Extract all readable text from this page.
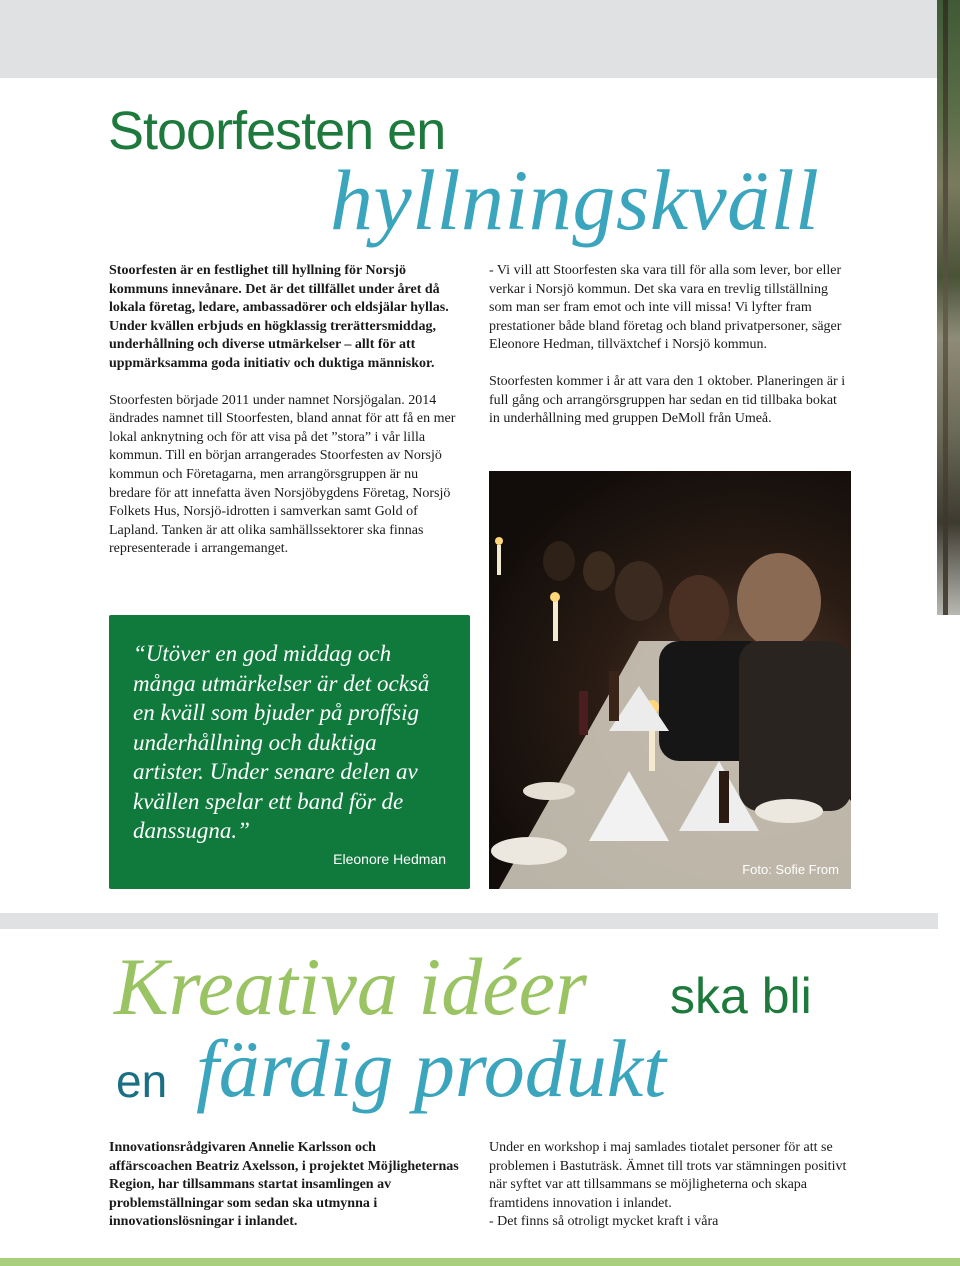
Stoorfesten en
hyllningskväll

Stoorfesten är en festlighet till hyllning för Norsjö kommuns innevånare. Det är det tillfället under året då lokala företag, ledare, ambassadörer och eldsjälar hyllas. Under kvällen erbjuds en högklassig trerättersmiddag, underhållning och diverse utmärkelser – allt för att uppmärksamma goda initiativ och duktiga människor.

Stoorfesten började 2011 under namnet Norsjögalan. 2014 ändrades namnet till Stoorfesten, bland annat för att få en mer lokal anknytning och för att visa på det ”stora” i vår lilla kommun. Till en början arrangerades Stoorfesten av Norsjö kommun och Företagarna, men arrangörsgruppen är nu bredare för att innefatta även Norsjöbygdens Företag, Norsjö Folkets Hus, Norsjö-idrotten i samverkan samt Gold of Lapland. Tanken är att olika samhällssektorer ska finnas representerade i arrangemanget.

- Vi vill att Stoorfesten ska vara till för alla som lever, bor eller verkar i Norsjö kommun. Det ska vara en trevlig tillställning som man ser fram emot och inte vill missa! Vi lyfter fram prestationer både bland företag och bland privatpersoner, säger Eleonore Hedman, tillväxtchef i Norsjö kommun.

Stoorfesten kommer i år att vara den 1 oktober. Planeringen är i full gång och arrangörsgruppen har sedan en tid tillbaka bokat in underhållning med gruppen DeMoll från Umeå.

“Utöver en god middag och många utmärkelser är det också en kväll som bjuder på proffsig underhållning och duktiga artister. Under senare delen av kvällen spelar ett band för de danssugna.”
Eleonore Hedman
Foto: Sofie From
Kreativa idéer ska bli
en färdig produkt

Innovationsrådgivaren Annelie Karlsson och affärscoachen Beatriz Axelsson, i projektet Möjligheternas Region, har tillsammans startat insamlingen av problemställningar som sedan ska utmynna i innovationslösningar i inlandet.

Under en workshop i maj samlades tiotalet personer för att se problemen i Bastuträsk. Ämnet till trots var stämningen positivt när syftet var att tillsammans se möjligheterna och skapa framtidens innovation i inlandet.
- Det finns så otroligt mycket kraft i våra
